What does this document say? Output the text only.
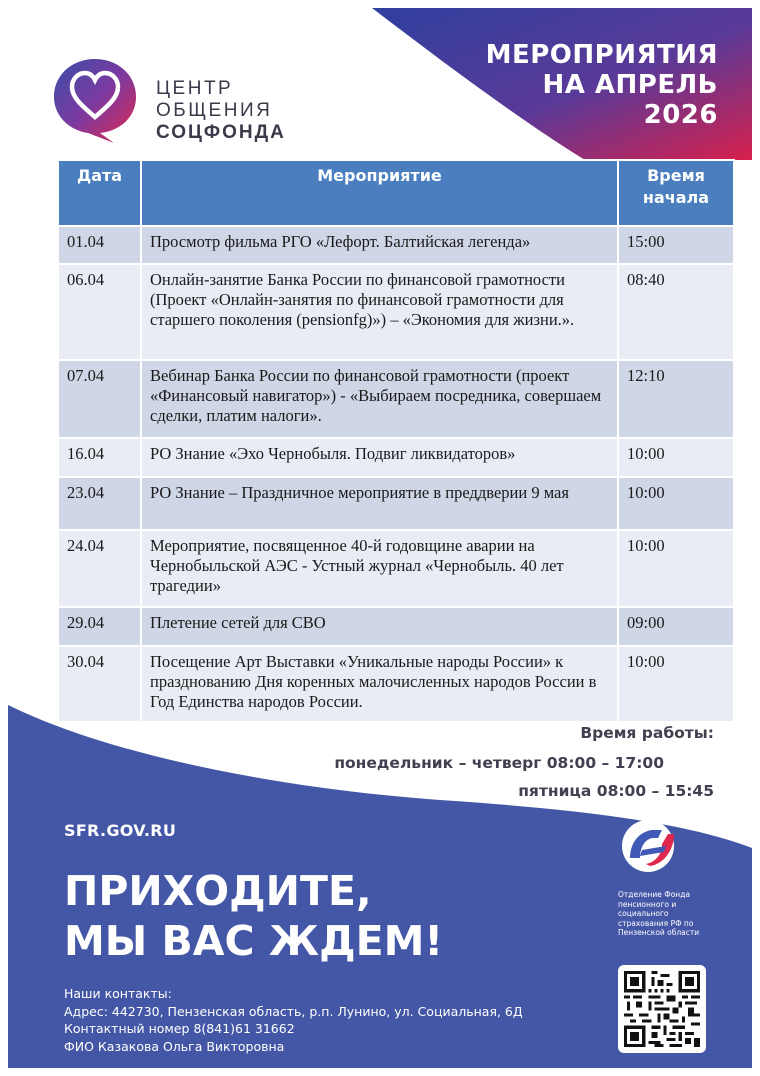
ЦЕНТР
ОБЩЕНИЯ
СОЦФОНДА
МЕРОПРИЯТИЯ
НА АПРЕЛЬ
2026
Дата	Мероприятие	Время
начала

01.04	Просмотр фильма РГО «Лефорт. Балтийская легенда»	15:00
06.04	Онлайн-занятие Банка России по финансовой грамотности (Проект «Онлайн-занятия по финансовой грамотности для старшего поколения (pensionfg)») – «Экономия для жизни.».	08:40
07.04	Вебинар Банка России по финансовой грамотности (проект «Финансовый навигатор») - «Выбираем посредника, совершаем сделки, платим налоги».	12:10
16.04	РО Знание «Эхо Чернобыля. Подвиг ликвидаторов»	10:00
23.04	РО Знание – Праздничное мероприятие в преддверии 9 мая	10:00
24.04	Мероприятие, посвященное 40-й годовщине аварии на Чернобыльской АЭС - Устный журнал «Чернобыль. 40 лет трагедии»	10:00
29.04	Плетение сетей для СВО	09:00
30.04	Посещение Арт Выставки «Уникальные народы России» к празднованию Дня коренных малочисленных народов России в Год Единства народов России.	10:00
Время работы:
понедельник – четверг 08:00 – 17:00
пятница 08:00 – 15:45
SFR.GOV.RU
ПРИХОДИТЕ,
МЫ ВАС ЖДЕМ!
Наши контакты:
Адрес: 442730, Пензенская область, р.п. Лунино, ул. Социальная, 6Д
Контактный номер 8(841)61 31662
ФИО Казакова Ольга Викторовна
Отделение Фонда пенсионного и социального страхования РФ по Пензенской области
